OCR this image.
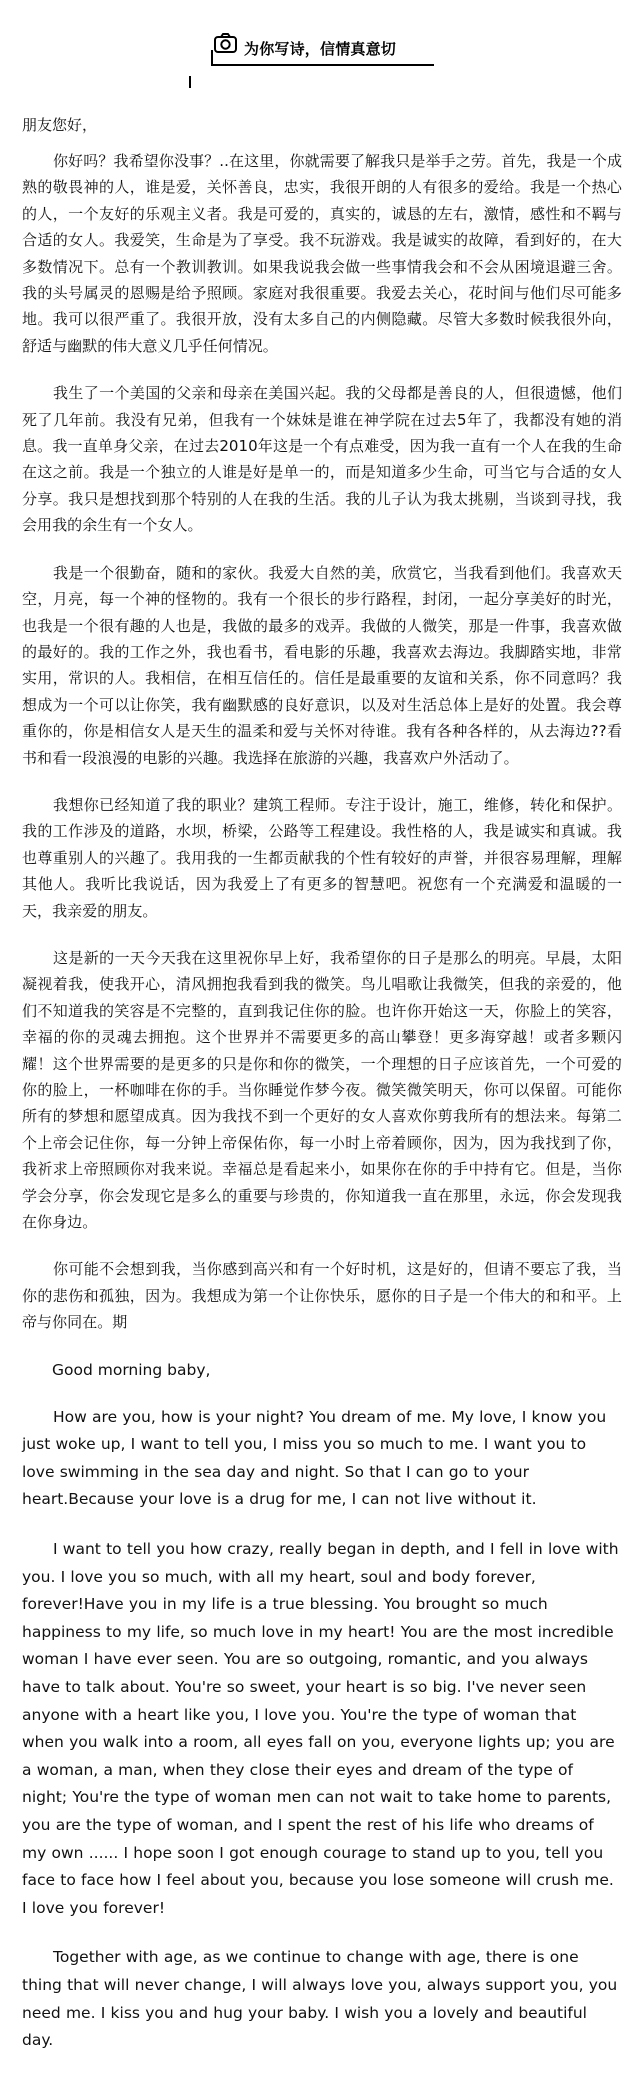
为你写诗，信情真意切
朋友您好，

你好吗？我希望你没事？..在这里，你就需要了解我只是举手之劳。首先，我是一个成熟的敬畏神的人，谁是爱，关怀善良，忠实，我很开朗的人有很多的爱给。我是一个热心的人，一个友好的乐观主义者。我是可爱的，真实的，诚恳的左右，激情，感性和不羁与合适的女人。我爱笑，生命是为了享受。我不玩游戏。我是诚实的故障，看到好的，在大多数情况下。总有一个教训教训。如果我说我会做一些事情我会和不会从困境退避三舍。我的头号属灵的恩赐是给予照顾。家庭对我很重要。我爱去关心，花时间与他们尽可能多地。我可以很严重了。我很开放，没有太多自己的内侧隐藏。尽管大多数时候我很外向，舒适与幽默的伟大意义几乎任何情况。

我生了一个美国的父亲和母亲在美国兴起。我的父母都是善良的人，但很遗憾，他们死了几年前。我没有兄弟，但我有一个妹妹是谁在神学院在过去5年了，我都没有她的消息。我一直单身父亲，在过去2010年这是一个有点难受，因为我一直有一个人在我的生命在这之前。我是一个独立的人谁是好是单一的，而是知道多少生命，可当它与合适的女人分享。我只是想找到那个特别的人在我的生活。我的儿子认为我太挑剔，当谈到寻找，我会用我的余生有一个女人。

我是一个很勤奋，随和的家伙。我爱大自然的美，欣赏它，当我看到他们。我喜欢天空，月亮，每一个神的怪物的。我有一个很长的步行路程，封闭，一起分享美好的时光，也我是一个很有趣的人也是，我做的最多的戏弄。我做的人微笑，那是一件事，我喜欢做的最好的。我的工作之外，我也看书，看电影的乐趣，我喜欢去海边。我脚踏实地，非常实用，常识的人。我相信，在相互信任的。信任是最重要的友谊和关系，你不同意吗？我想成为一个可以让你笑，我有幽默感的良好意识，以及对生活总体上是好的处置。我会尊重你的，你是相信女人是天生的温柔和爱与关怀对待谁。我有各种各样的，从去海边??看书和看一段浪漫的电影的兴趣。我选择在旅游的兴趣，我喜欢户外活动了。

我想你已经知道了我的职业？建筑工程师。专注于设计，施工，维修，转化和保护。我的工作涉及的道路，水坝，桥梁，公路等工程建设。我性格的人，我是诚实和真诚。我也尊重别人的兴趣了。我用我的一生都贡献我的个性有较好的声誉，并很容易理解，理解其他人。我听比我说话，因为我爱上了有更多的智慧吧。祝您有一个充满爱和温暖的一天，我亲爱的朋友。

这是新的一天今天我在这里祝你早上好，我希望你的日子是那么的明亮。早晨，太阳凝视着我，使我开心，清风拥抱我看到我的微笑。鸟儿唱歌让我微笑，但我的亲爱的，他们不知道我的笑容是不完整的，直到我记住你的脸。也许你开始这一天，你脸上的笑容，幸福的你的灵魂去拥抱。这个世界并不需要更多的高山攀登！更多海穿越！或者多颗闪耀！这个世界需要的是更多的只是你和你的微笑，一个理想的日子应该首先，一个可爱的你的脸上，一杯咖啡在你的手。当你睡觉作梦今夜。微笑微笑明天，你可以保留。可能你所有的梦想和愿望成真。因为我找不到一个更好的女人喜欢你剪我所有的想法来。每第二个上帝会记住你，每一分钟上帝保佑你，每一小时上帝着顾你，因为，因为我找到了你，我祈求上帝照顾你对我来说。幸福总是看起来小，如果你在你的手中持有它。但是，当你学会分享，你会发现它是多么的重要与珍贵的，你知道我一直在那里，永远，你会发现我在你身边。

你可能不会想到我，当你感到高兴和有一个好时机，这是好的，但请不要忘了我，当你的悲伤和孤独，因为。我想成为第一个让你快乐，愿你的日子是一个伟大的和和平。上帝与你同在。期

Good morning baby,

How are you, how is your night? You dream of me. My love, I know you just woke up, I want to tell you, I miss you so much to me. I want you to love swimming in the sea day and night. So that I can go to your heart.Because your love is a drug for me, I can not live without it.

I want to tell you how crazy, really began in depth, and I fell in love with you. I love you so much, with all my heart, soul and body forever, forever!Have you in my life is a true blessing. You brought so much happiness to my life, so much love in my heart! You are the most incredible woman I have ever seen. You are so outgoing, romantic, and you always have to talk about. You're so sweet, your heart is so big. I've never seen anyone with a heart like you, I love you. You're the type of woman that when you walk into a room, all eyes fall on you, everyone lights up; you are a woman, a man, when they close their eyes and dream of the type of night; You're the type of woman men can not wait to take home to parents, you are the type of woman, and I spent the rest of his life who dreams of my own ...... I hope soon I got enough courage to stand up to you, tell you face to face how I feel about you, because you lose someone will crush me. I love you forever!

Together with age, as we continue to change with age, there is one thing that will never change, I will always love you, always support you, you need me. I kiss you and hug your baby. I wish you a lovely and beautiful day.
